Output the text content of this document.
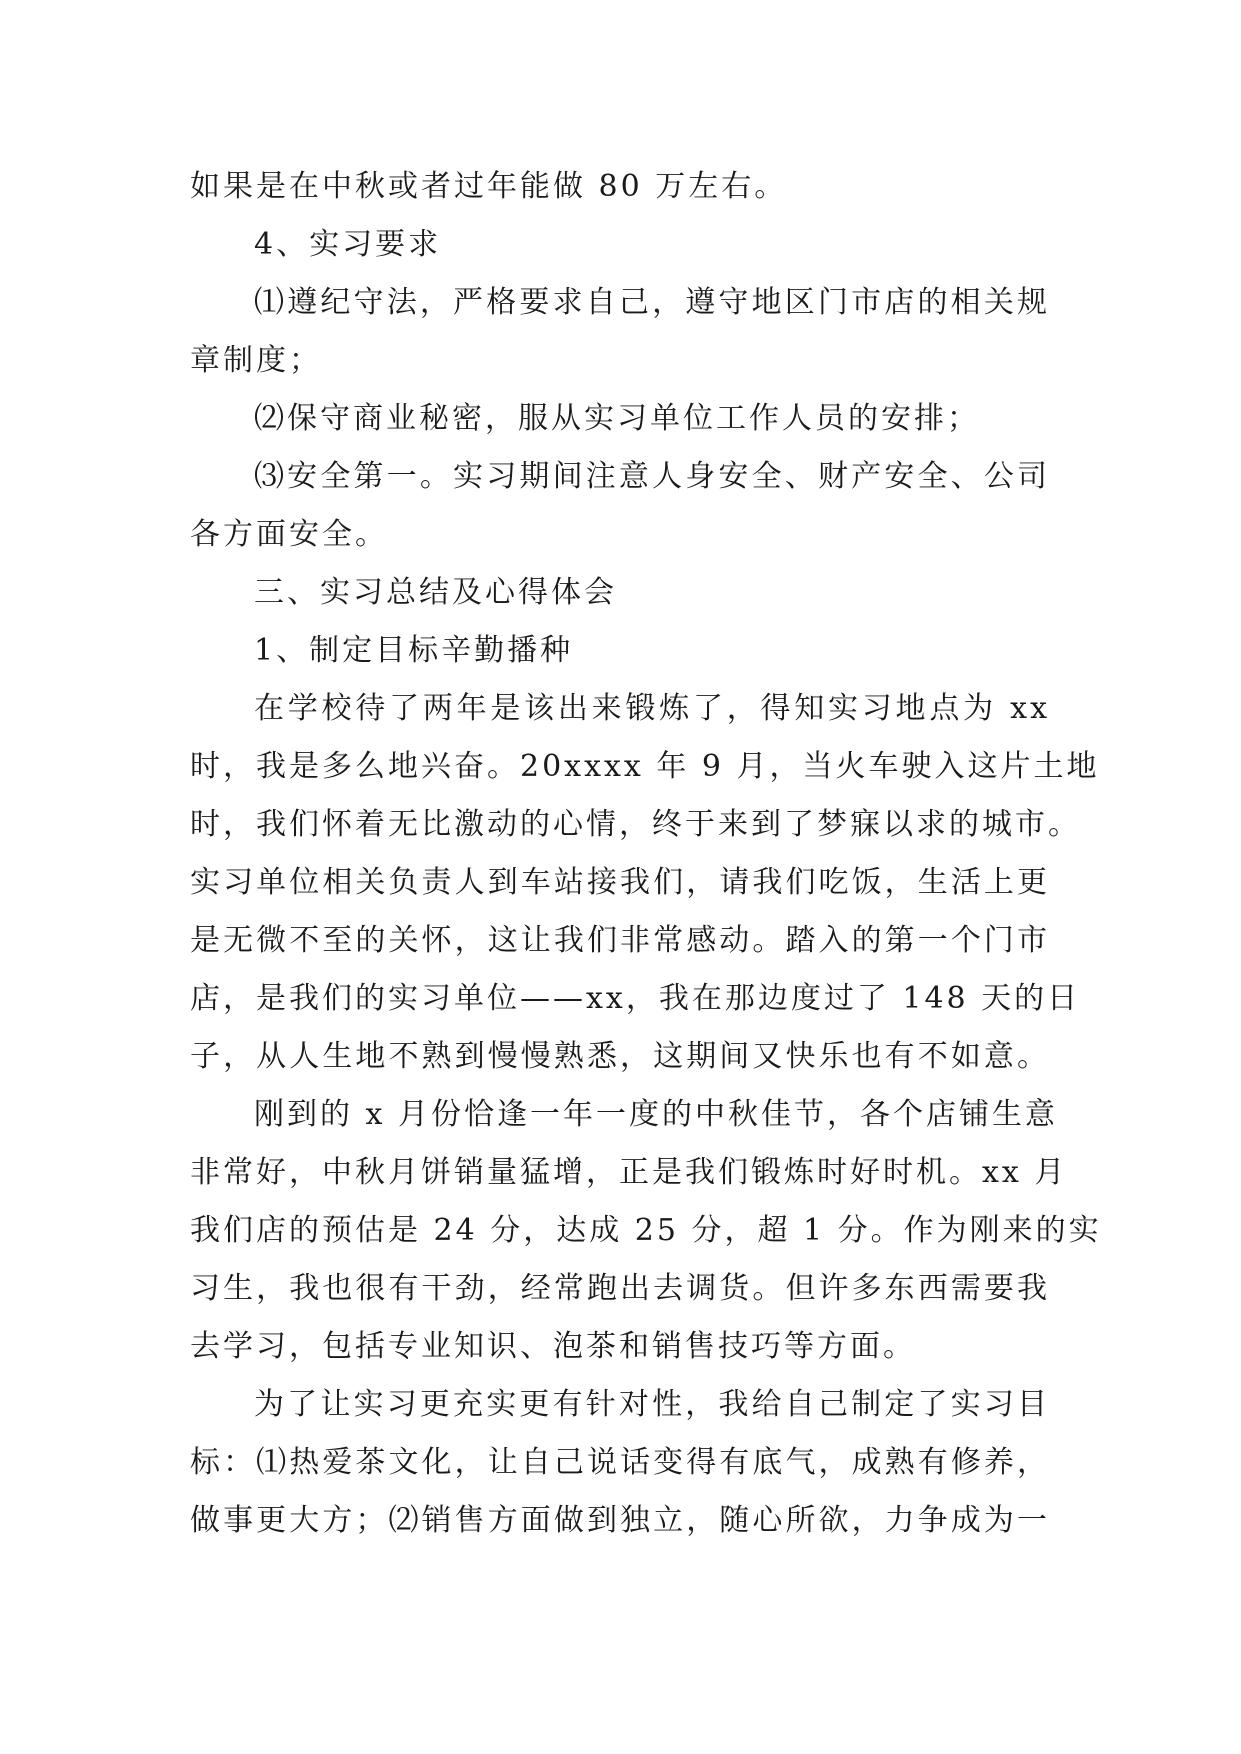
如果是在中秋或者过年能做 80 万左右。

4、实习要求

⑴遵纪守法，严格要求自己，遵守地区门市店的相关规

章制度；

⑵保守商业秘密，服从实习单位工作人员的安排；

⑶安全第一。实习期间注意人身安全、财产安全、公司

各方面安全。

三、实习总结及心得体会

1、制定目标辛勤播种

在学校待了两年是该出来锻炼了，得知实习地点为 xx

时，我是多么地兴奋。20xxxx 年 9 月，当火车驶入这片土地

时，我们怀着无比激动的心情，终于来到了梦寐以求的城市。

实习单位相关负责人到车站接我们，请我们吃饭，生活上更

是无微不至的关怀，这让我们非常感动。踏入的第一个门市

店，是我们的实习单位——xx，我在那边度过了 148 天的日

子，从人生地不熟到慢慢熟悉，这期间又快乐也有不如意。

刚到的 x 月份恰逢一年一度的中秋佳节，各个店铺生意

非常好，中秋月饼销量猛增，正是我们锻炼时好时机。xx 月

我们店的预估是 24 分，达成 25 分，超 1 分。作为刚来的实

习生，我也很有干劲，经常跑出去调货。但许多东西需要我

去学习，包括专业知识、泡茶和销售技巧等方面。

为了让实习更充实更有针对性，我给自己制定了实习目

标：⑴热爱茶文化，让自己说话变得有底气，成熟有修养，

做事更大方；⑵销售方面做到独立，随心所欲，力争成为一
